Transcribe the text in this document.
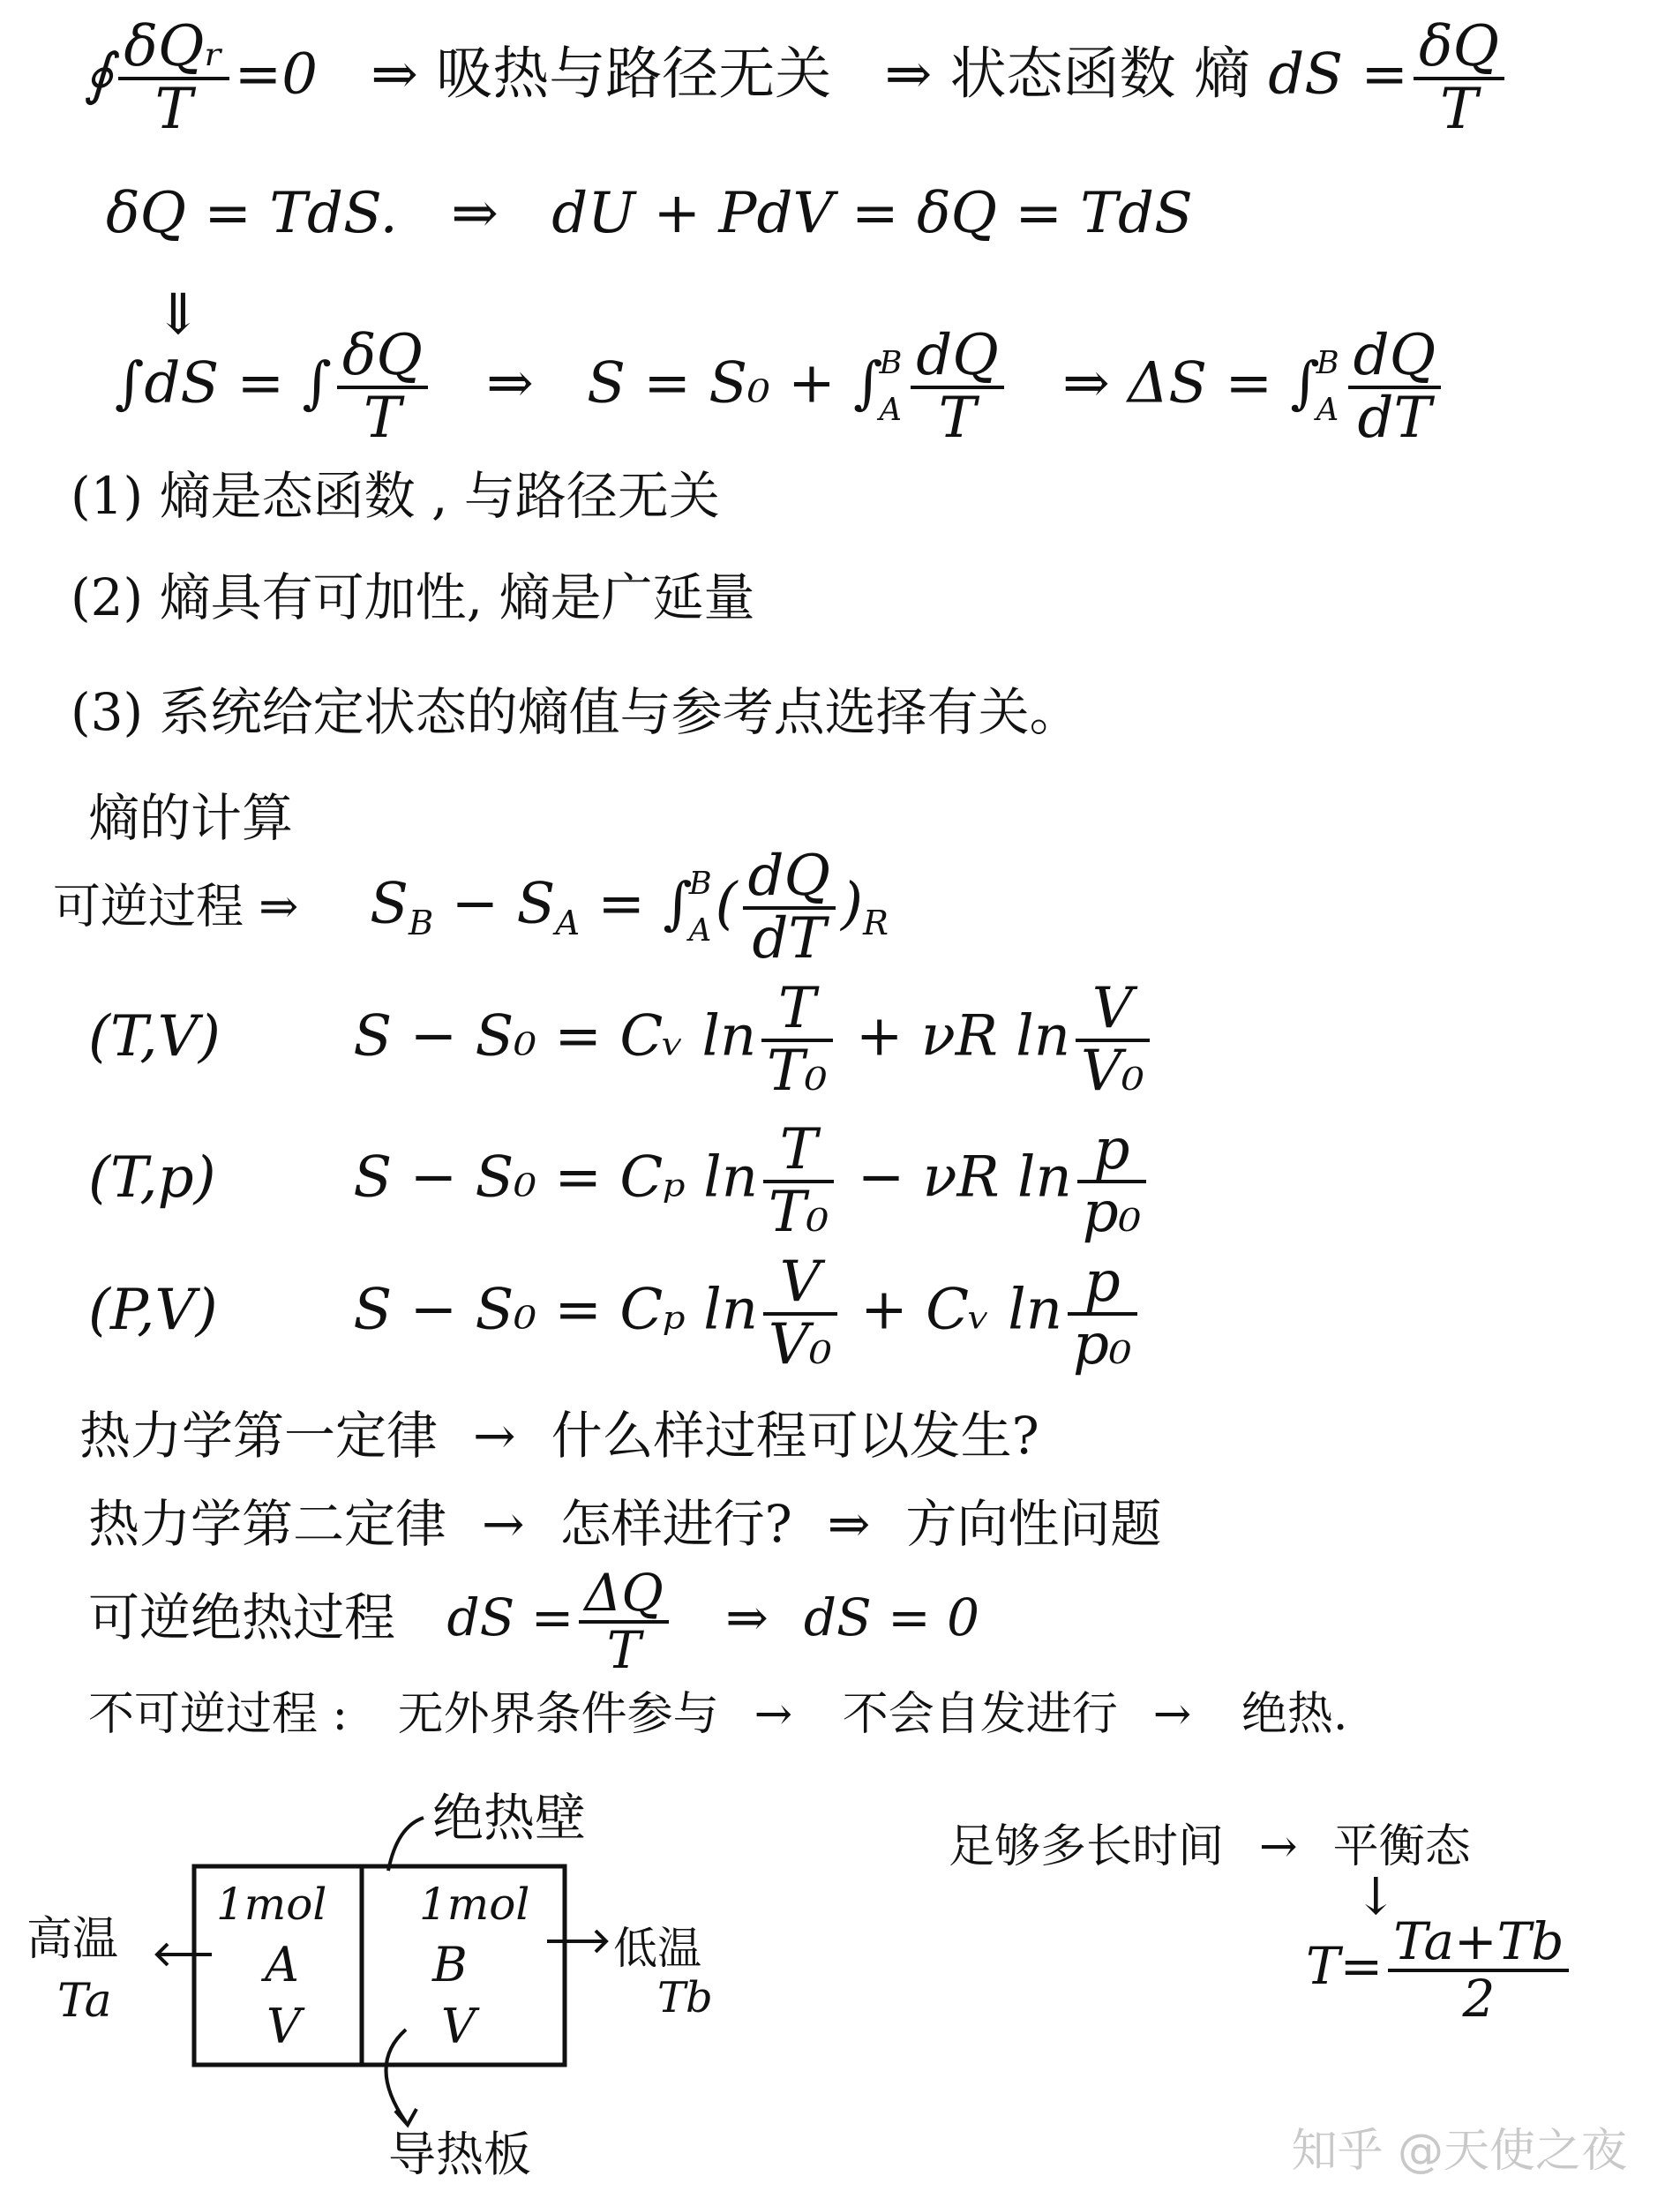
∮ $\frac{\text{δQᵣ}}{T} =0$ ⇒ 吸热与路径无关 ⇒ 状态函数 熵 dS = $\frac{\delta Q}{T}$
δQ = TdS. ⇒ dU + PdV = δQ = TdS
⇓
∫dS = ∫ $\frac{\delta Q}{T}$ ⇒ S = S₀ + ∫
B
A $\frac{dQ}{T}$ ⇒ ΔS = ∫
B
A $\frac{dQ}{dT}$
(1) 熵是态函数 , 与路径无关
(2) 熵具有可加性, 熵是广延量
(3) 系统给定状态的熵值与参考点选择有关。
熵的计算
可逆过程 ⇒ $S_B - S_A$ = ∫
B
A ( $\frac{dQ}{dT} )_R$
(T,V) S − S₀ = Cᵥ $\ln \frac{T}{\text{T₀}} + \nu R$ $\ln \frac{V}{\text{V₀}}$
(T,p) S − S₀ = Cₚ $\ln \frac{T}{\text{T₀}} - \nu R$ $\ln \frac{p}{\text{p₀}}$
(P,V) S − S₀ = Cₚ $\ln \frac{V}{\text{V₀}}$ + Cᵥ $\ln \frac{p}{\text{p₀}}$
热力学第一定律 → 什么样过程可以发生?
热力学第二定律 → 怎样进行? ⇒ 方向性问题
可逆绝热过程 dS = $\frac{\Delta Q}{T}$ ⇒ dS = 0
不可逆过程 : 无外界条件参与 → 不会自发进行 → 绝热.
绝热壁
1mol
A
V
1mol
B
V
高温
Ta
低温
Tb
导热板
足够多长时间 → 平衡态
↓
$T= \frac{Ta+Tb}{2}$
知乎 @天使之夜
